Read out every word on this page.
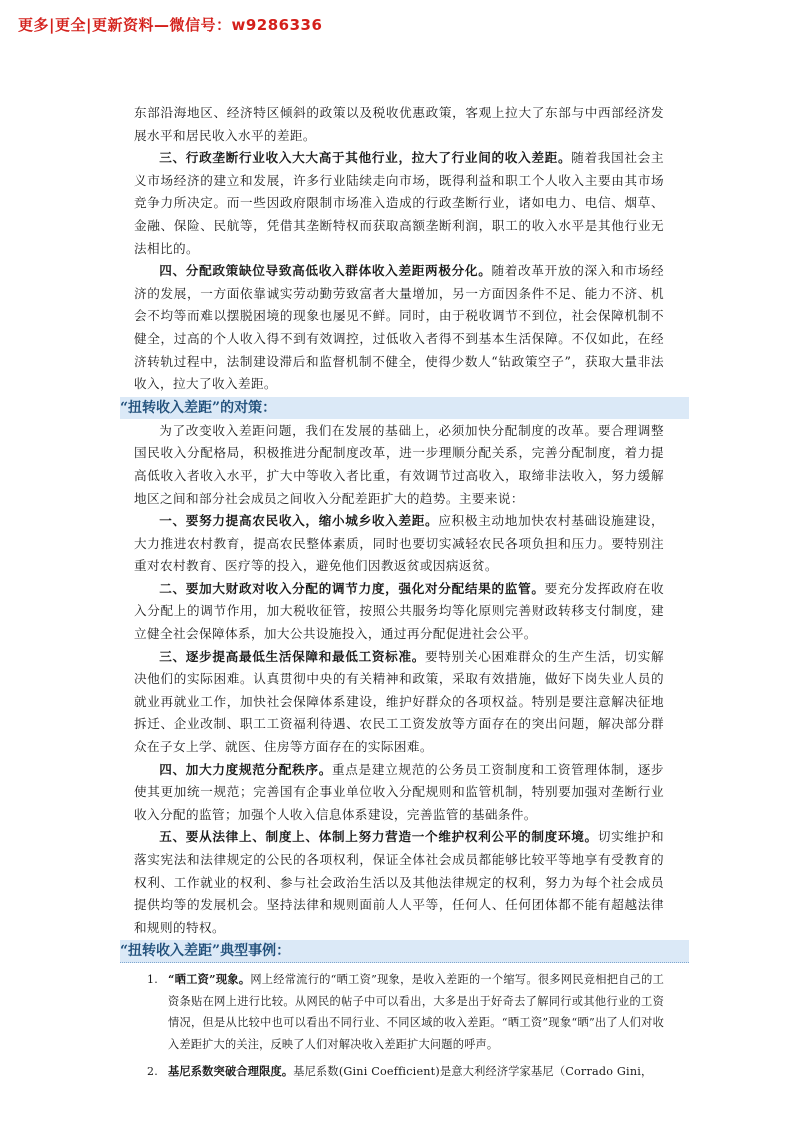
更多|更全|更新资料—微信号：w9286336

东部沿海地区、经济特区倾斜的政策以及税收优惠政策，客观上拉大了东部与中西部经济发展水平和居民收入水平的差距。

三、行政垄断行业收入大大高于其他行业，拉大了行业间的收入差距。随着我国社会主义市场经济的建立和发展，许多行业陆续走向市场，既得利益和职工个人收入主要由其市场竞争力所决定。而一些因政府限制市场准入造成的行政垄断行业，诸如电力、电信、烟草、金融、保险、民航等，凭借其垄断特权而获取高额垄断利润，职工的收入水平是其他行业无法相比的。

四、分配政策缺位导致高低收入群体收入差距两极分化。随着改革开放的深入和市场经济的发展，一方面依靠诚实劳动勤劳致富者大量增加，另一方面因条件不足、能力不济、机会不均等而难以摆脱困境的现象也屡见不鲜。同时，由于税收调节不到位，社会保障机制不健全，过高的个人收入得不到有效调控，过低收入者得不到基本生活保障。不仅如此，在经济转轨过程中，法制建设滞后和监督机制不健全，使得少数人“钻政策空子”，获取大量非法收入，拉大了收入差距。

“扭转收入差距”的对策：

为了改变收入差距问题，我们在发展的基础上，必须加快分配制度的改革。要合理调整国民收入分配格局，积极推进分配制度改革，进一步理顺分配关系，完善分配制度，着力提高低收入者收入水平，扩大中等收入者比重，有效调节过高收入，取缔非法收入，努力缓解地区之间和部分社会成员之间收入分配差距扩大的趋势。主要来说：

一、要努力提高农民收入，缩小城乡收入差距。应积极主动地加快农村基础设施建设，大力推进农村教育，提高农民整体素质，同时也要切实减轻农民各项负担和压力。要特别注重对农村教育、医疗等的投入，避免他们因教返贫或因病返贫。

二、要加大财政对收入分配的调节力度，强化对分配结果的监管。要充分发挥政府在收入分配上的调节作用，加大税收征管，按照公共服务均等化原则完善财政转移支付制度，建立健全社会保障体系，加大公共设施投入，通过再分配促进社会公平。

三、逐步提高最低生活保障和最低工资标准。要特别关心困难群众的生产生活，切实解决他们的实际困难。认真贯彻中央的有关精神和政策，采取有效措施，做好下岗失业人员的就业再就业工作，加快社会保障体系建设，维护好群众的各项权益。特别是要注意解决征地拆迁、企业改制、职工工资福利待遇、农民工工资发放等方面存在的突出问题，解决部分群众在子女上学、就医、住房等方面存在的实际困难。

四、加大力度规范分配秩序。重点是建立规范的公务员工资制度和工资管理体制，逐步使其更加统一规范；完善国有企事业单位收入分配规则和监管机制，特别要加强对垄断行业收入分配的监管；加强个人收入信息体系建设，完善监管的基础条件。

五、要从法律上、制度上、体制上努力营造一个维护权利公平的制度环境。切实维护和落实宪法和法律规定的公民的各项权利，保证全体社会成员都能够比较平等地享有受教育的权利、工作就业的权利、参与社会政治生活以及其他法律规定的权利，努力为每个社会成员提供均等的发展机会。坚持法律和规则面前人人平等，任何人、任何团体都不能有超越法律和规则的特权。

“扭转收入差距”典型事例：
1. “晒工资”现象。网上经常流行的“晒工资”现象，是收入差距的一个缩写。很多网民竞相把自己的工资条贴在网上进行比较。从网民的帖子中可以看出，大多是出于好奇去了解同行或其他行业的工资情况，但是从比较中也可以看出不同行业、不同区域的收入差距。“晒工资”现象“晒”出了人们对收入差距扩大的关注，反映了人们对解决收入差距扩大问题的呼声。
2. 基尼系数突破合理限度。基尼系数(Gini Coefficient)是意大利经济学家基尼（Corrado Gini，
